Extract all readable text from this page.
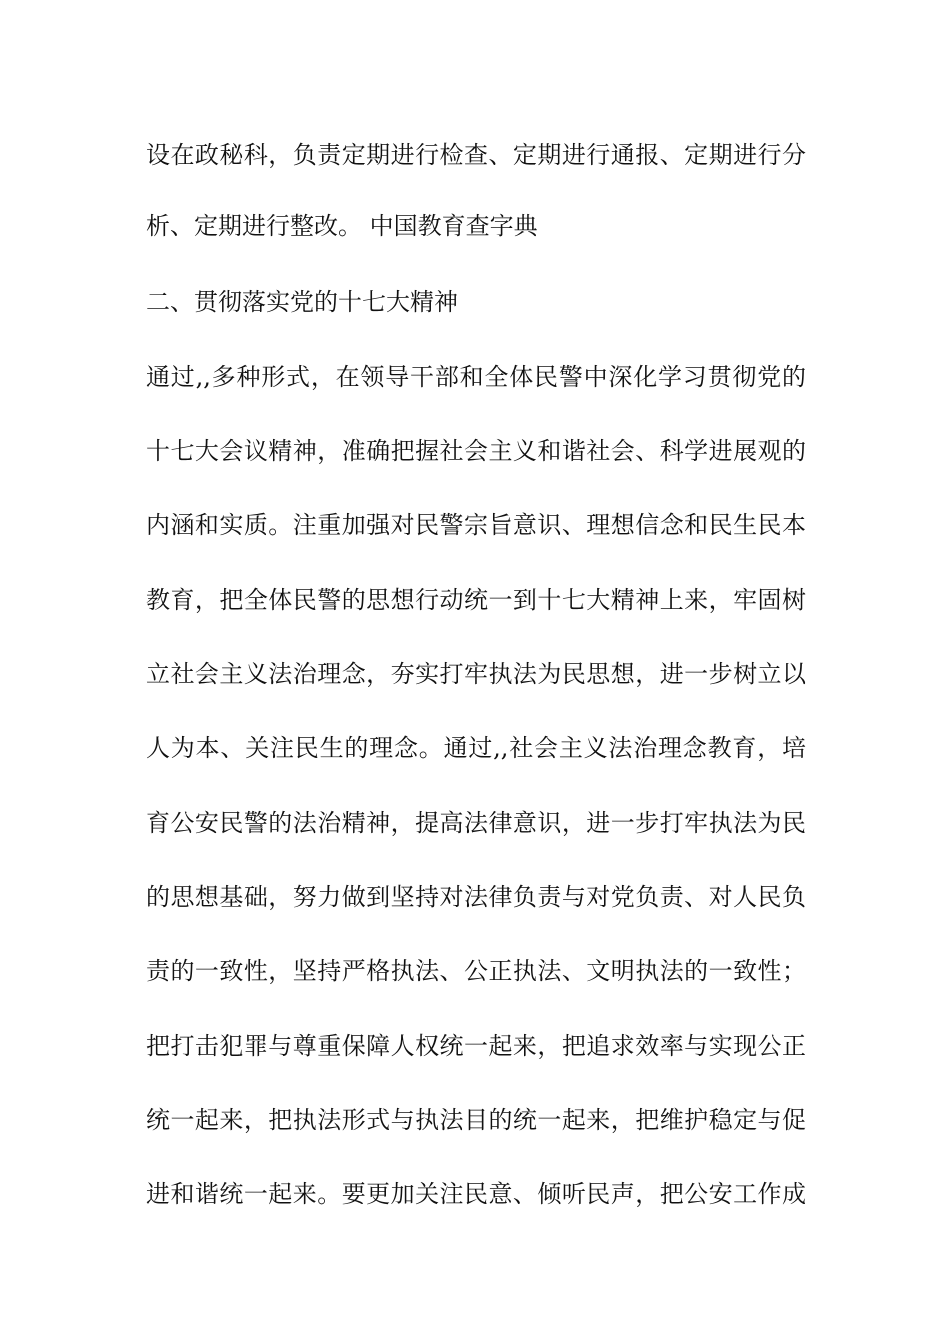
设在政秘科，负责定期进行检查、定期进行通报、定期进行分
析、定期进行整改。 中国教育查字典
二、贯彻落实党的十七大精神
通过,,多种形式，在领导干部和全体民警中深化学习贯彻党的
十七大会议精神，准确把握社会主义和谐社会、科学进展观的
内涵和实质。注重加强对民警宗旨意识、理想信念和民生民本
教育，把全体民警的思想行动统一到十七大精神上来，牢固树
立社会主义法治理念，夯实打牢执法为民思想，进一步树立以
人为本、关注民生的理念。通过,,社会主义法治理念教育，培
育公安民警的法治精神，提高法律意识，进一步打牢执法为民
的思想基础，努力做到坚持对法律负责与对党负责、对人民负
责的一致性，坚持严格执法、公正执法、文明执法的一致性；
把打击犯罪与尊重保障人权统一起来，把追求效率与实现公正
统一起来，把执法形式与执法目的统一起来，把维护稳定与促
进和谐统一起来。要更加关注民意、倾听民声，把公安工作成
